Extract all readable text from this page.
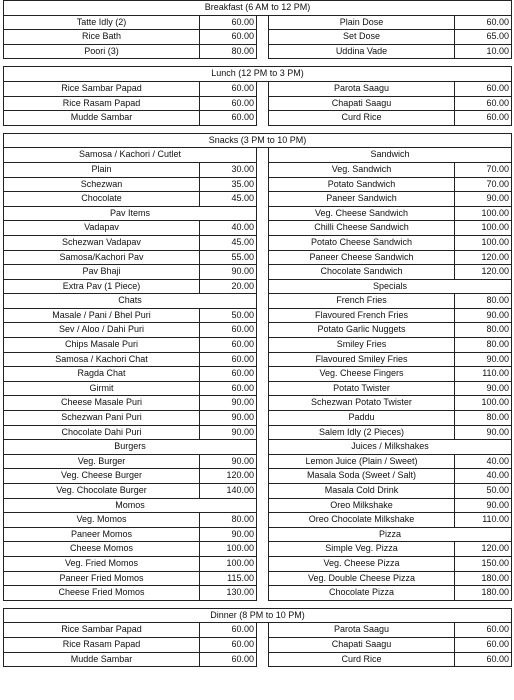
Breakfast (6 AM to 12 PM)				
Tatte Idly (2)	60.00		Plain Dose	60.00
Rice Bath	60.00		Set Dose	65.00
Poori (3)	80.00		Uddina Vade	10.00
Lunch (12 PM to 3 PM)				
Rice Sambar Papad	60.00		Parota Saagu	60.00
Rice Rasam Papad	60.00		Chapati Saagu	60.00
Mudde Sambar	60.00		Curd Rice	60.00
Snacks (3 PM to 10 PM)				
Samosa / Kachori / Cutlet			Sandwich	
Plain	30.00		Veg. Sandwich	70.00
Schezwan	35.00		Potato Sandwich	70.00
Chocolate	45.00		Paneer Sandwich	90.00
Pav Items			Veg. Cheese Sandwich	100.00
Vadapav	40.00		Chilli Cheese Sandwich	100.00
Schezwan Vadapav	45.00		Potato Cheese Sandwich	100.00
Samosa/Kachori Pav	55.00		Paneer Cheese Sandwich	120.00
Pav Bhaji	90.00		Chocolate Sandwich	120.00
Extra Pav (1 Piece)	20.00		Specials	
Chats			French Fries	80.00
Masale / Pani / Bhel Puri	50.00		Flavoured French Fries	90.00
Sev / Aloo / Dahi Puri	60.00		Potato Garlic Nuggets	80.00
Chips Masale Puri	60.00		Smiley Fries	80.00
Samosa / Kachori Chat	60.00		Flavoured Smiley Fries	90.00
Ragda Chat	60.00		Veg. Cheese Fingers	110.00
Girmit	60.00		Potato Twister	90.00
Cheese Masale Puri	90.00		Schezwan Potato Twister	100.00
Schezwan Pani Puri	90.00		Paddu	80.00
Chocolate Dahi Puri	90.00		Salem Idly (2 Pieces)	90.00
Burgers			Juices / Milkshakes	
Veg. Burger	90.00		Lemon Juice (Plain / Sweet)	40.00
Veg. Cheese Burger	120.00		Masala Soda (Sweet / Salt)	40.00
Veg. Chocolate Burger	140.00		Masala Cold Drink	50.00
Momos			Oreo Milkshake	90.00
Veg. Momos	80.00		Oreo Chocolate Milkshake	110.00
Paneer Momos	90.00		Pizza	
Cheese Momos	100.00		Simple Veg. Pizza	120.00
Veg. Fried Momos	100.00		Veg. Cheese Pizza	150.00
Paneer Fried Momos	115.00		Veg. Double Cheese Pizza	180.00
Cheese Fried Momos	130.00		Chocolate Pizza	180.00
Dinner (8 PM to 10 PM)				
Rice Sambar Papad	60.00		Parota Saagu	60.00
Rice Rasam Papad	60.00		Chapati Saagu	60.00
Mudde Sambar	60.00		Curd Rice	60.00
